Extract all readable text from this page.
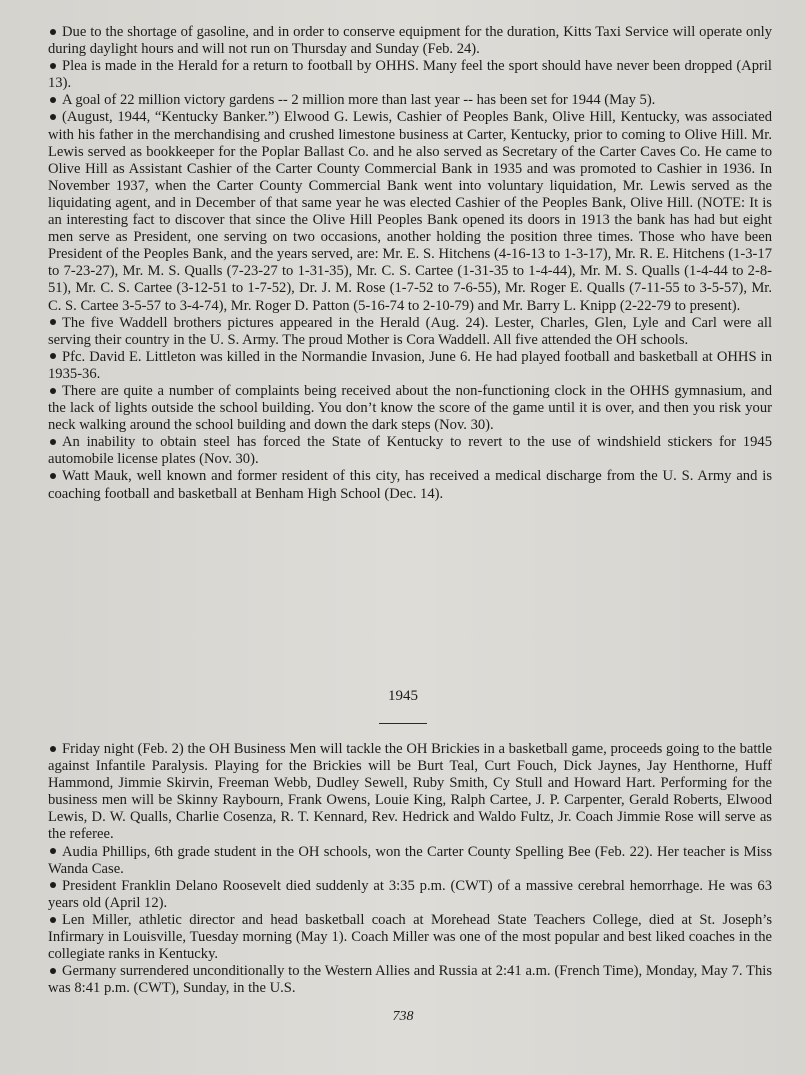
Due to the shortage of gasoline, and in order to conserve equipment for the duration, Kitts Taxi Service will operate only during daylight hours and will not run on Thursday and Sunday (Feb. 24).

Plea is made in the Herald for a return to football by OHHS. Many feel the sport should have never been dropped (April 13).

A goal of 22 million victory gardens -- 2 million more than last year -- has been set for 1944 (May 5).

(August, 1944, “Kentucky Banker.”) Elwood G. Lewis, Cashier of Peoples Bank, Olive Hill, Kentucky, was associated with his father in the merchandising and crushed limestone business at Carter, Kentucky, prior to coming to Olive Hill. Mr. Lewis served as bookkeeper for the Poplar Ballast Co. and he also served as Secretary of the Carter Caves Co. He came to Olive Hill as Assistant Cashier of the Carter County Commercial Bank in 1935 and was promoted to Cashier in 1936. In November 1937, when the Carter County Commercial Bank went into voluntary liquidation, Mr. Lewis served as the liquidating agent, and in December of that same year he was elected Cashier of the Peoples Bank, Olive Hill. (NOTE: It is an interesting fact to discover that since the Olive Hill Peoples Bank opened its doors in 1913 the bank has had but eight men serve as President, one serving on two occasions, another holding the position three times. Those who have been President of the Peoples Bank, and the years served, are: Mr. E. S. Hitchens (4-16-13 to 1-3-17), Mr. R. E. Hitchens (1-3-17 to 7-23-27), Mr. M. S. Qualls (7-23-27 to 1-31-35), Mr. C. S. Cartee (1-31-35 to 1-4-44), Mr. M. S. Qualls (1-4-44 to 2-8-51), Mr. C. S. Cartee (3-12-51 to 1-7-52), Dr. J. M. Rose (1-7-52 to 7-6-55), Mr. Roger E. Qualls (7-11-55 to 3-5-57), Mr. C. S. Cartee 3-5-57 to 3-4-74), Mr. Roger D. Patton (5-16-74 to 2-10-79) and Mr. Barry L. Knipp (2-22-79 to present).

The five Waddell brothers pictures appeared in the Herald (Aug. 24). Lester, Charles, Glen, Lyle and Carl were all serving their country in the U. S. Army. The proud Mother is Cora Waddell. All five attended the OH schools.

Pfc. David E. Littleton was killed in the Normandie Invasion, June 6. He had played football and basketball at OHHS in 1935-36.

There are quite a number of complaints being received about the non-functioning clock in the OHHS gymnasium, and the lack of lights outside the school building. You don’t know the score of the game until it is over, and then you risk your neck walking around the school building and down the dark steps (Nov. 30).

An inability to obtain steel has forced the State of Kentucky to revert to the use of windshield stickers for 1945 automobile license plates (Nov. 30).

Watt Mauk, well known and former resident of this city, has received a medical discharge from the U. S. Army and is coaching football and basketball at Benham High School (Dec. 14).

1945

Friday night (Feb. 2) the OH Business Men will tackle the OH Brickies in a basketball game, proceeds going to the battle against Infantile Paralysis. Playing for the Brickies will be Burt Teal, Curt Fouch, Dick Jaynes, Jay Henthorne, Huff Hammond, Jimmie Skirvin, Freeman Webb, Dudley Sewell, Ruby Smith, Cy Stull and Howard Hart. Performing for the business men will be Skinny Raybourn, Frank Owens, Louie King, Ralph Cartee, J. P. Carpenter, Gerald Roberts, Elwood Lewis, D. W. Qualls, Charlie Cosenza, R. T. Kennard, Rev. Hedrick and Waldo Fultz, Jr. Coach Jimmie Rose will serve as the referee.

Audia Phillips, 6th grade student in the OH schools, won the Carter County Spelling Bee (Feb. 22). Her teacher is Miss Wanda Case.

President Franklin Delano Roosevelt died suddenly at 3:35 p.m. (CWT) of a massive cerebral hemorrhage. He was 63 years old (April 12).

Len Miller, athletic director and head basketball coach at Morehead State Teachers College, died at St. Joseph’s Infirmary in Louisville, Tuesday morning (May 1). Coach Miller was one of the most popular and best liked coaches in the collegiate ranks in Kentucky.

Germany surrendered unconditionally to the Western Allies and Russia at 2:41 a.m. (French Time), Monday, May 7. This was 8:41 p.m. (CWT), Sunday, in the U.S.

738
